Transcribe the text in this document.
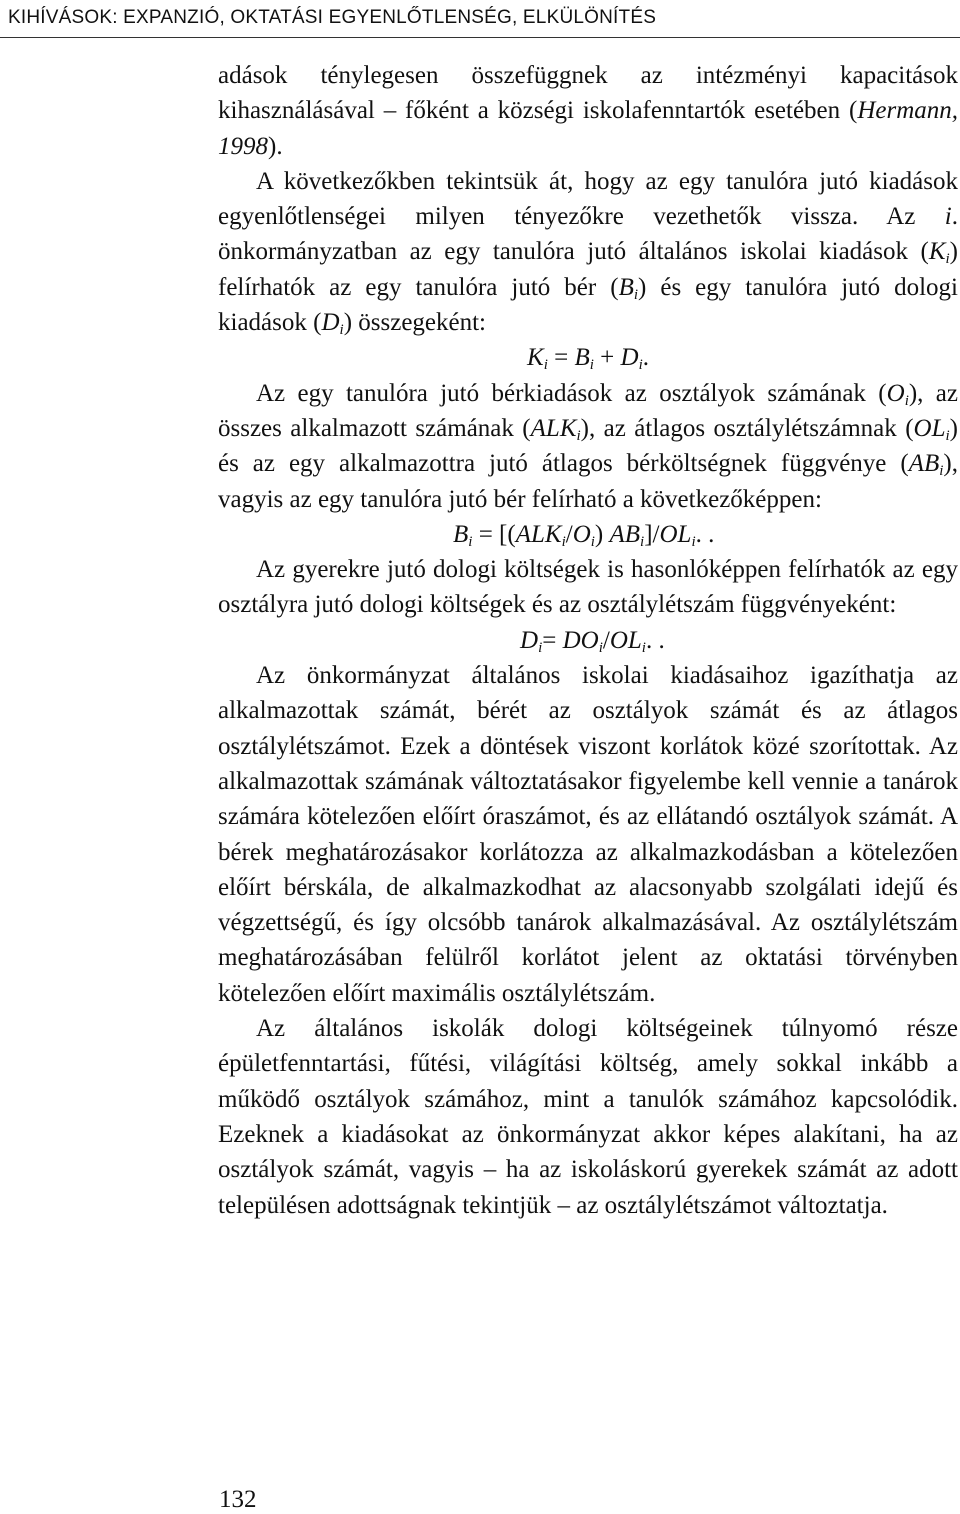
KIHÍVÁSOK: EXPANZIÓ, OKTATÁSI EGYENLŐTLENSÉG, ELKÜLÖNÍTÉS

adások ténylegesen összefüggnek az intézményi kapacitások kihasználásával – főként a községi iskolafenntartók esetében (Hermann, 1998).

A következőkben tekintsük át, hogy az egy tanulóra jutó kiadások egyenlőtlenségei milyen tényezőkre vezethetők vissza. Az i. önkormányzatban az egy tanulóra jutó általános iskolai kiadások $(K_i)$ felírhatók az egy tanulóra jutó bér $(B_i)$ és egy tanulóra jutó dologi kiadások $(D_i)$ összegeként:

$K_i = B_i + D_i$.

Az egy tanulóra jutó bérkiadások az osztályok számának $(O_i)$, az összes alkalmazott számának $(ALK_i)$, az átlagos osztálylétszámnak $(OL_i)$ és az egy alkalmazottra jutó átlagos bérköltségnek függvénye $(AB_i)$, vagyis az egy tanulóra jutó bér felírható a következőképpen:

$B_i = [(ALK_i/O_i)$ $AB_i]/OL_i$. .

Az gyerekre jutó dologi költségek is hasonlóképpen felírhatók az egy osztályra jutó dologi költségek és az osztálylétszám függvényeként:

$D_i= DO_i/OL_i$. .

Az önkormányzat általános iskolai kiadásaihoz igazíthatja az alkalmazottak számát, bérét az osztályok számát és az átlagos osztálylétszámot. Ezek a döntések viszont korlátok közé szorítottak. Az alkalmazottak számának változtatásakor figyelembe kell vennie a tanárok számára kötelezően előírt óraszámot, és az ellátandó osztályok számát. A bérek meghatározásakor korlátozza az alkalmazkodásban a kötelezően előírt bérskála, de alkalmazkodhat az alacsonyabb szolgálati idejű és végzettségű, és így olcsóbb tanárok alkalmazásával. Az osztálylétszám meghatározásában felülről korlátot jelent az oktatási törvényben kötelezően előírt maximális osztálylétszám.

Az általános iskolák dologi költségeinek túlnyomó része épületfenntartási, fűtési, világítási költség, amely sokkal inkább a működő osztályok számához, mint a tanulók számához kapcsolódik. Ezeknek a kiadásokat az önkormányzat akkor képes alakítani, ha az osztályok számát, vagyis – ha az iskoláskorú gyerekek számát az adott településen adottságnak tekintjük – az osztálylétszámot változtatja.

132
